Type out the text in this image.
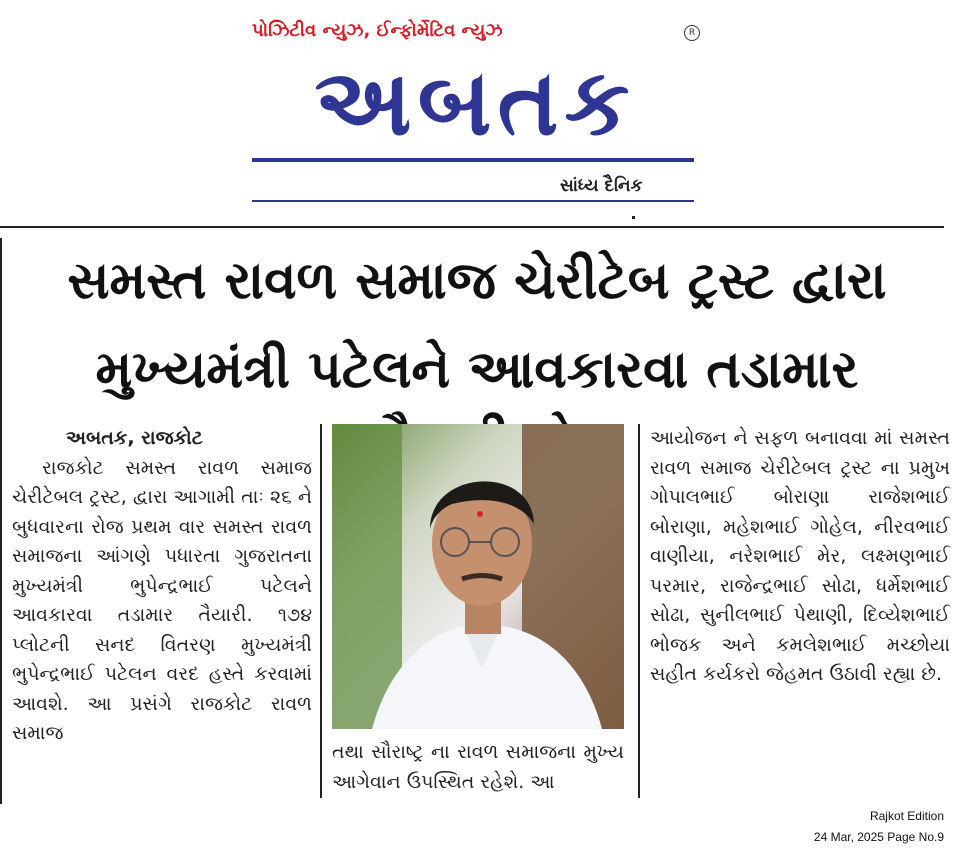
પોઝિટીવ ન્યુઝ, ઈન્ફોર્મેટિવ ન્યુઝ	R
અબતક
સાંધ્ય દૈનિક
સમસ્ત રાવળ સમાજ ચેરીટેબ ટ્રસ્ટ દ્વારા
મુખ્યમંત્રી પટેલને આવકારવા તડામાર

અબતક, રાજકોટ

રાજકોટ સમસ્ત રાવળ સમાજ ચેરીટેબલ ટ્રસ્ટ, દ્વારા આગામી તાઃ ૨૬ ને બુધવારના રોજ પ્રથમ વાર સમસ્ત રાવળ સમાજના આંગણે પધારતા ગુજરાતના મુખ્યમંત્રી ભુપેન્દ્રભાઈ પટેલને આવકારવા તડામાર તૈયારી. ૧૭૪ પ્લોટની સનદ વિતરણ મુખ્યમંત્રી ભુપેન્દ્રભાઈ પટેલન વરદ હસ્તે કરવામાં આવશે. આ પ્રસંગે રાજકોટ રાવળ સમાજ

તથા સૌરાષ્ટ્ર ના રાવળ સમાજના મુખ્ય આગેવાન ઉપસ્થિત રહેશે. આ

આયોજન ને સફળ બનાવવા માં સમસ્ત રાવળ સમાજ ચેરીટેબલ ટ્રસ્ટ ના પ્રમુખ ગોપાલભાઈ બોરાણા રાજેશભાઈ બોરાણા, મહેશભાઈ ગોહેલ, નીરવભાઈ વાણીયા, નરેશભાઈ મેર, લક્ષ્મણભાઈ પરમાર, રાજેન્દ્રભાઈ સોઢા, ધર્મેશભાઈ સોઢા, સુનીલભાઈ પેથાણી, દિવ્યેશભાઈ ભોજક અને કમલેશભાઈ મચ્છોયા સહીત કર્યકરો જેહમત ઉઠાવી રહ્યા છે.

Rajkot Edition
24 Mar, 2025 Page No.9
